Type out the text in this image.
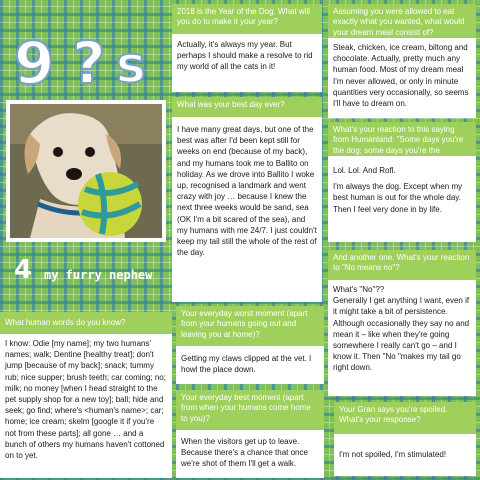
9 ? s
4 my furry nephew
2018 is the Year of the Dog. What will you do to make it your year?

Actually, it's always my year. But perhaps I should make a resolve to rid my world of all the cats in it!

Assuming you were allowed to eat exactly what you wanted, what would your dream meal consist of?

Steak, chicken, ice cream, biltong and chocolate. Actually, pretty much any human food. Most of my dream meal I'm never allowed, or only in minute quantities very occasionally, so seems I'll have to dream on.

What was your best day ever?

I have many great days, but one of the best was after I'd been kept still for weeks on end (because of my back), and my humans took me to Ballito on holiday. As we drove into Ballito I woke up, recognised a landmark and went crazy with joy … because I knew the next three weeks would be sand, sea (OK I'm a bit scared of the sea), and my humans with me 24/7. I just couldn't keep my tail still the whole of the rest of the day.

What's your reaction to this saying from Humanland: "Some days you're the dog; some days you're the hydrant"?

Lol. Lol. And Rofl.

I'm always the dog. Except when my best human is out for the whole day. Then I feel very done in by life.

And another one. What's your reaction to "No means no"?

What's "No"??

Generally I get anything I want, even if it might take a bit of persistence. Although occasionally they say no and mean it – like when they're going somewhere I really can't go – and I know it. Then "No "makes my tail go right down.

What human words do you know?

I know: Odie [my name]; my two humans' names; walk; Dentine [healthy treat]; don't jump [because of my back]; snack; tummy rub; nice supper; brush teeth; car coming; no; milk; no money [when I head straight to the pet supply shop for a new toy]; ball; hide and seek; go find; where's <human's name>; car; home; ice cream; skelm [google it if you're not from these parts]; all gone … and a bunch of others my humans haven't cottoned on to yet.

Your everyday worst moment (apart from your humans going out and leaving you at home)?

Getting my claws clipped at the vet. I howl the place down.

Your everyday best moment (apart from when your humans come home to you)?

When the visitors get up to leave. Because there's a chance that once we're shot of them I'll get a walk.

Your Gran says you're spoiled. What's your response?

I'm not spoiled, I'm stimulated!
